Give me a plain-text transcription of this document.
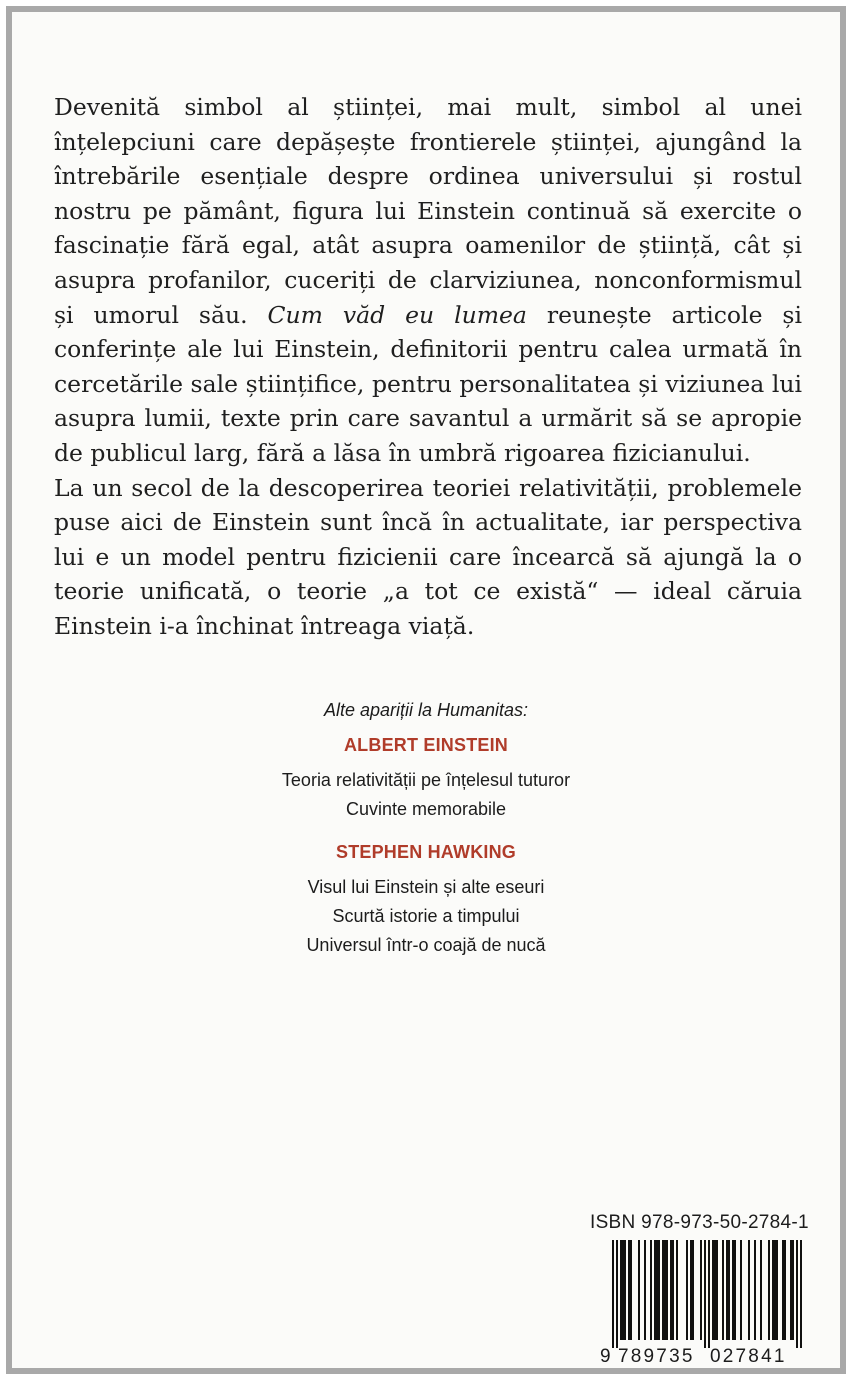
Devenită simbol al științei, mai mult, simbol al unei înțelepciuni care depășește frontierele științei, ajungând la întrebările esențiale despre ordinea universului și rostul nostru pe pământ, figura lui Einstein continuă să exercite o fascinație fără egal, atât asupra oamenilor de știință, cât și asupra profanilor, cuceriți de clarviziunea, nonconformismul și umorul său. Cum văd eu lumea reunește articole și conferințe ale lui Einstein, definitorii pentru calea urmată în cercetările sale științifice, pentru personalitatea și viziunea lui asupra lumii, texte prin care savantul a urmărit să se apropie de publicul larg, fără a lăsa în umbră rigoarea fizicianului.

La un secol de la descoperirea teoriei relativității, problemele puse aici de Einstein sunt încă în actualitate, iar perspectiva lui e un model pentru fizicienii care încearcă să ajungă la o teorie unificată, o teorie „a tot ce există“ — ideal căruia Einstein i-a închinat întreaga viață.

Alte apariții la Humanitas:
ALBERT EINSTEIN
Teoria relativității pe înțelesul tuturor
Cuvinte memorabile
STEPHEN HAWKING
Visul lui Einstein și alte eseuri
Scurtă istorie a timpului
Universul într-o coajă de nucă
ISBN 978-973-50-2784-1
9 789735 027841
